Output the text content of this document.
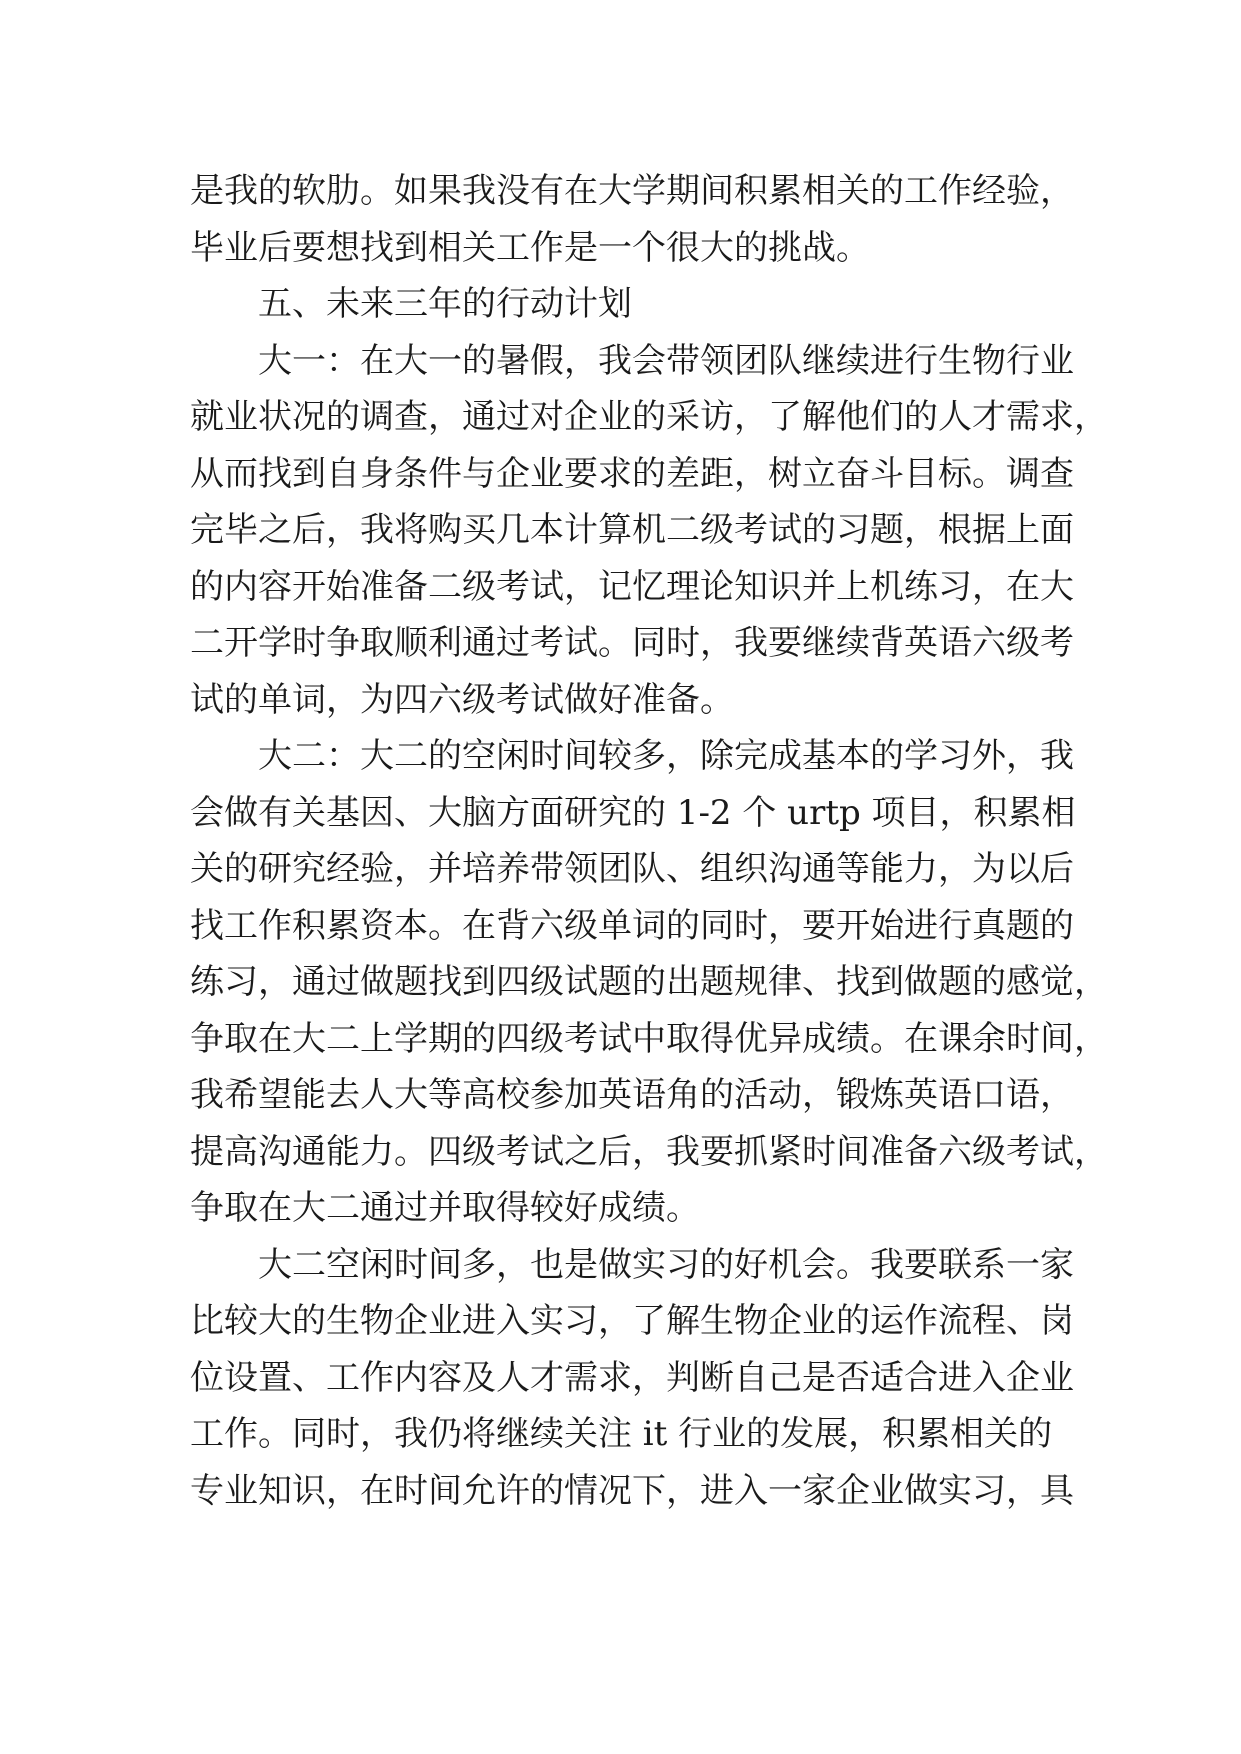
是我的软肋。如果我没有在大学期间积累相关的工作经验，
毕业后要想找到相关工作是一个很大的挑战。
五、未来三年的行动计划
大一：在大一的暑假，我会带领团队继续进行生物行业
就业状况的调查，通过对企业的采访，了解他们的人才需求，
从而找到自身条件与企业要求的差距，树立奋斗目标。调查
完毕之后，我将购买几本计算机二级考试的习题，根据上面
的内容开始准备二级考试，记忆理论知识并上机练习，在大
二开学时争取顺利通过考试。同时，我要继续背英语六级考
试的单词，为四六级考试做好准备。
大二：大二的空闲时间较多，除完成基本的学习外，我
会做有关基因、大脑方面研究的 1-2 个 urtp 项目，积累相
关的研究经验，并培养带领团队、组织沟通等能力，为以后
找工作积累资本。在背六级单词的同时，要开始进行真题的
练习，通过做题找到四级试题的出题规律、找到做题的感觉，
争取在大二上学期的四级考试中取得优异成绩。在课余时间，
我希望能去人大等高校参加英语角的活动，锻炼英语口语，
提高沟通能力。四级考试之后，我要抓紧时间准备六级考试，
争取在大二通过并取得较好成绩。
大二空闲时间多，也是做实习的好机会。我要联系一家
比较大的生物企业进入实习，了解生物企业的运作流程、岗
位设置、工作内容及人才需求，判断自己是否适合进入企业
工作。同时，我仍将继续关注 it 行业的发展，积累相关的
专业知识，在时间允许的情况下，进入一家企业做实习，具
